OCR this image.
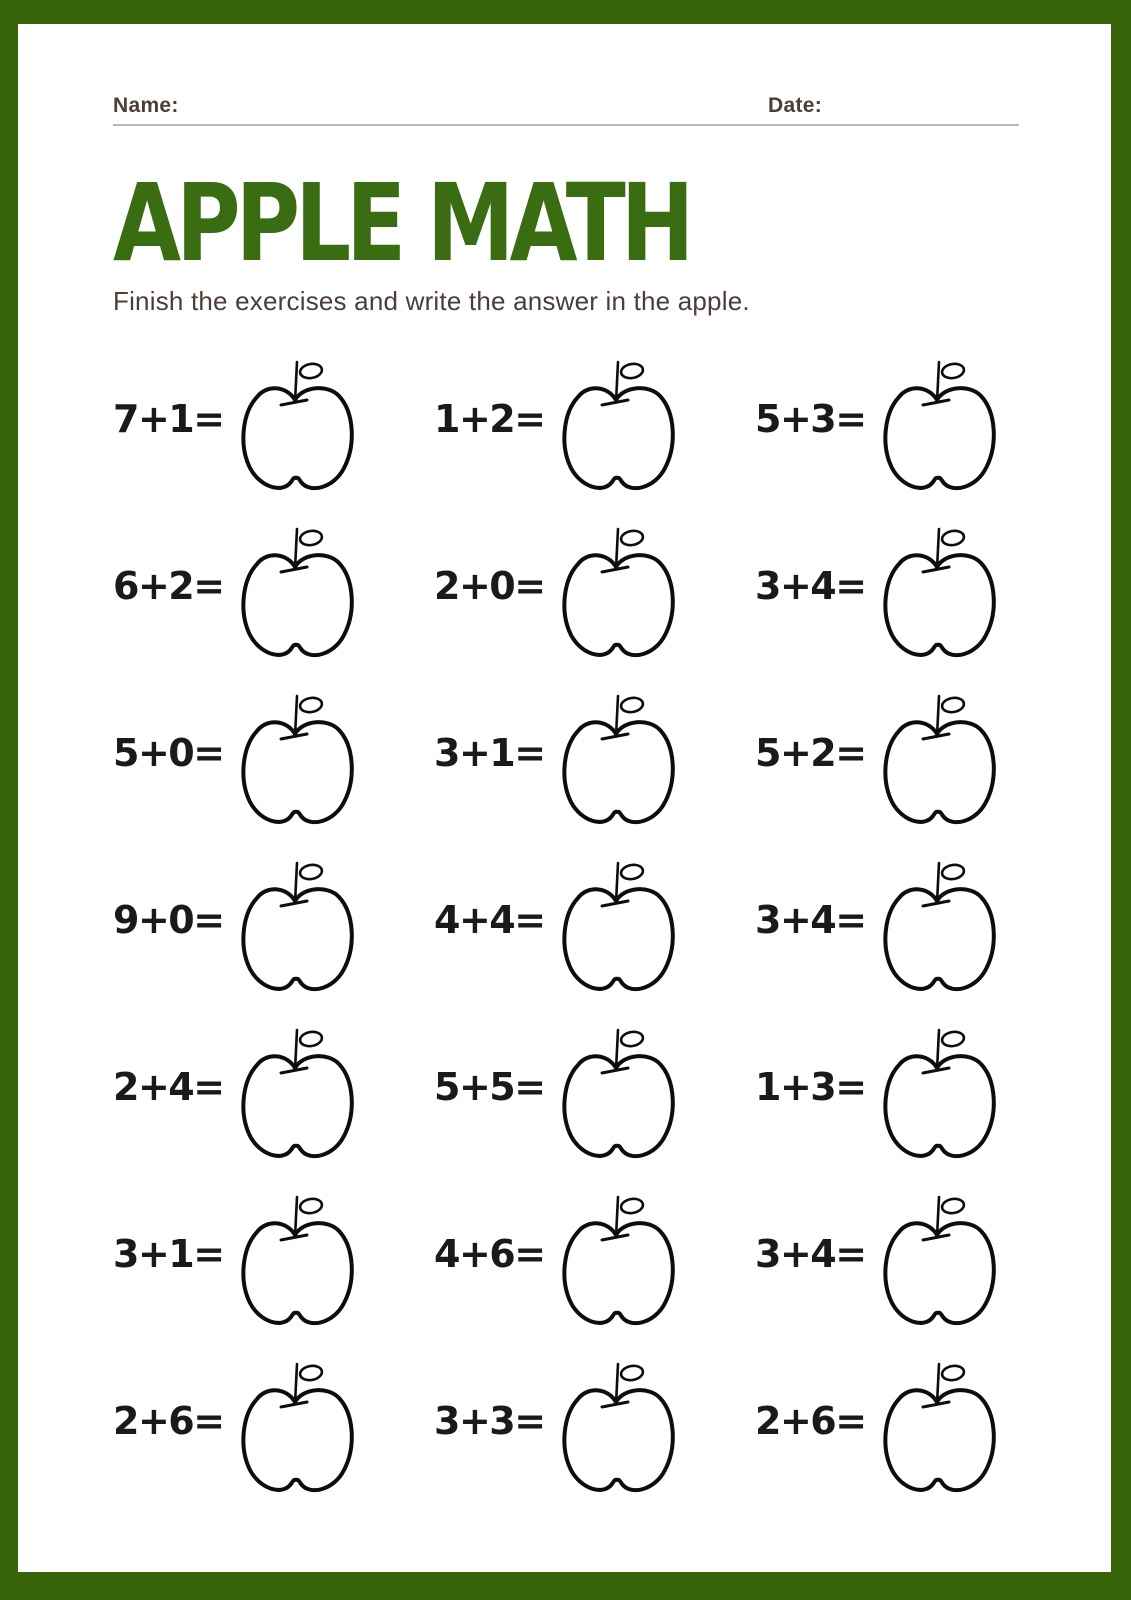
Name:	Date:
APPLE MATH

Finish the exercises and write the answer in the apple.

7+1=	1+2=	5+3=
6+2=	2+0=	3+4=
5+0=	3+1=	5+2=
9+0=	4+4=	3+4=
2+4=	5+5=	1+3=
3+1=	4+6=	3+4=
2+6=	3+3=	2+6=
